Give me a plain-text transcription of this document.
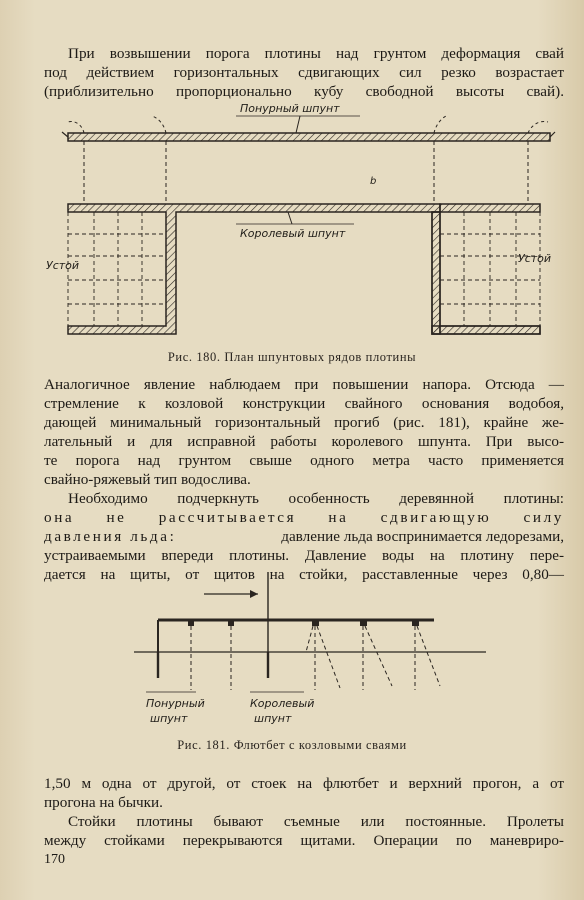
При возвышении порога плотины над грунтом деформация свай
под действием горизонтальных сдвигающих сил резко возрастает
(приблизительно пропорционально кубу свободной высоты свай).
Понурный шпунт
Королевый шпунт
Устой
Устой
b
Рис. 180. План шпунтовых рядов плотины
Аналогичное явление наблюдаем при повышении напора. Отсюда —
стремление к козловой конструкции свайного основания водобоя,
дающей минимальный горизонтальный прогиб (рис. 181), крайне же-
лательный и для исправной работы королевого шпунта. При высо-
те порога над грунтом свыше одного метра часто применяется
свайно-ряжевый тип водослива.
Необходимо подчеркнуть особенность деревянной плотины:
она не рассчитывается на сдвигающую силу
давления льда:	давление льда воспринимается ледорезами,
устраиваемыми впереди плотины. Давление воды на плотину пере-
дается на щиты, от щитов на стойки, расставленные через 0,80—
Понурный
шпунт
Королевый
шпунт
Рис. 181. Флютбет с козловыми сваями
1,50 м одна от другой, от стоек на флютбет и верхний прогон, а от
прогона на бычки.
Стойки плотины бывают съемные или постоянные. Пролеты
между стойками перекрываются щитами. Операции по маневриро-
170
